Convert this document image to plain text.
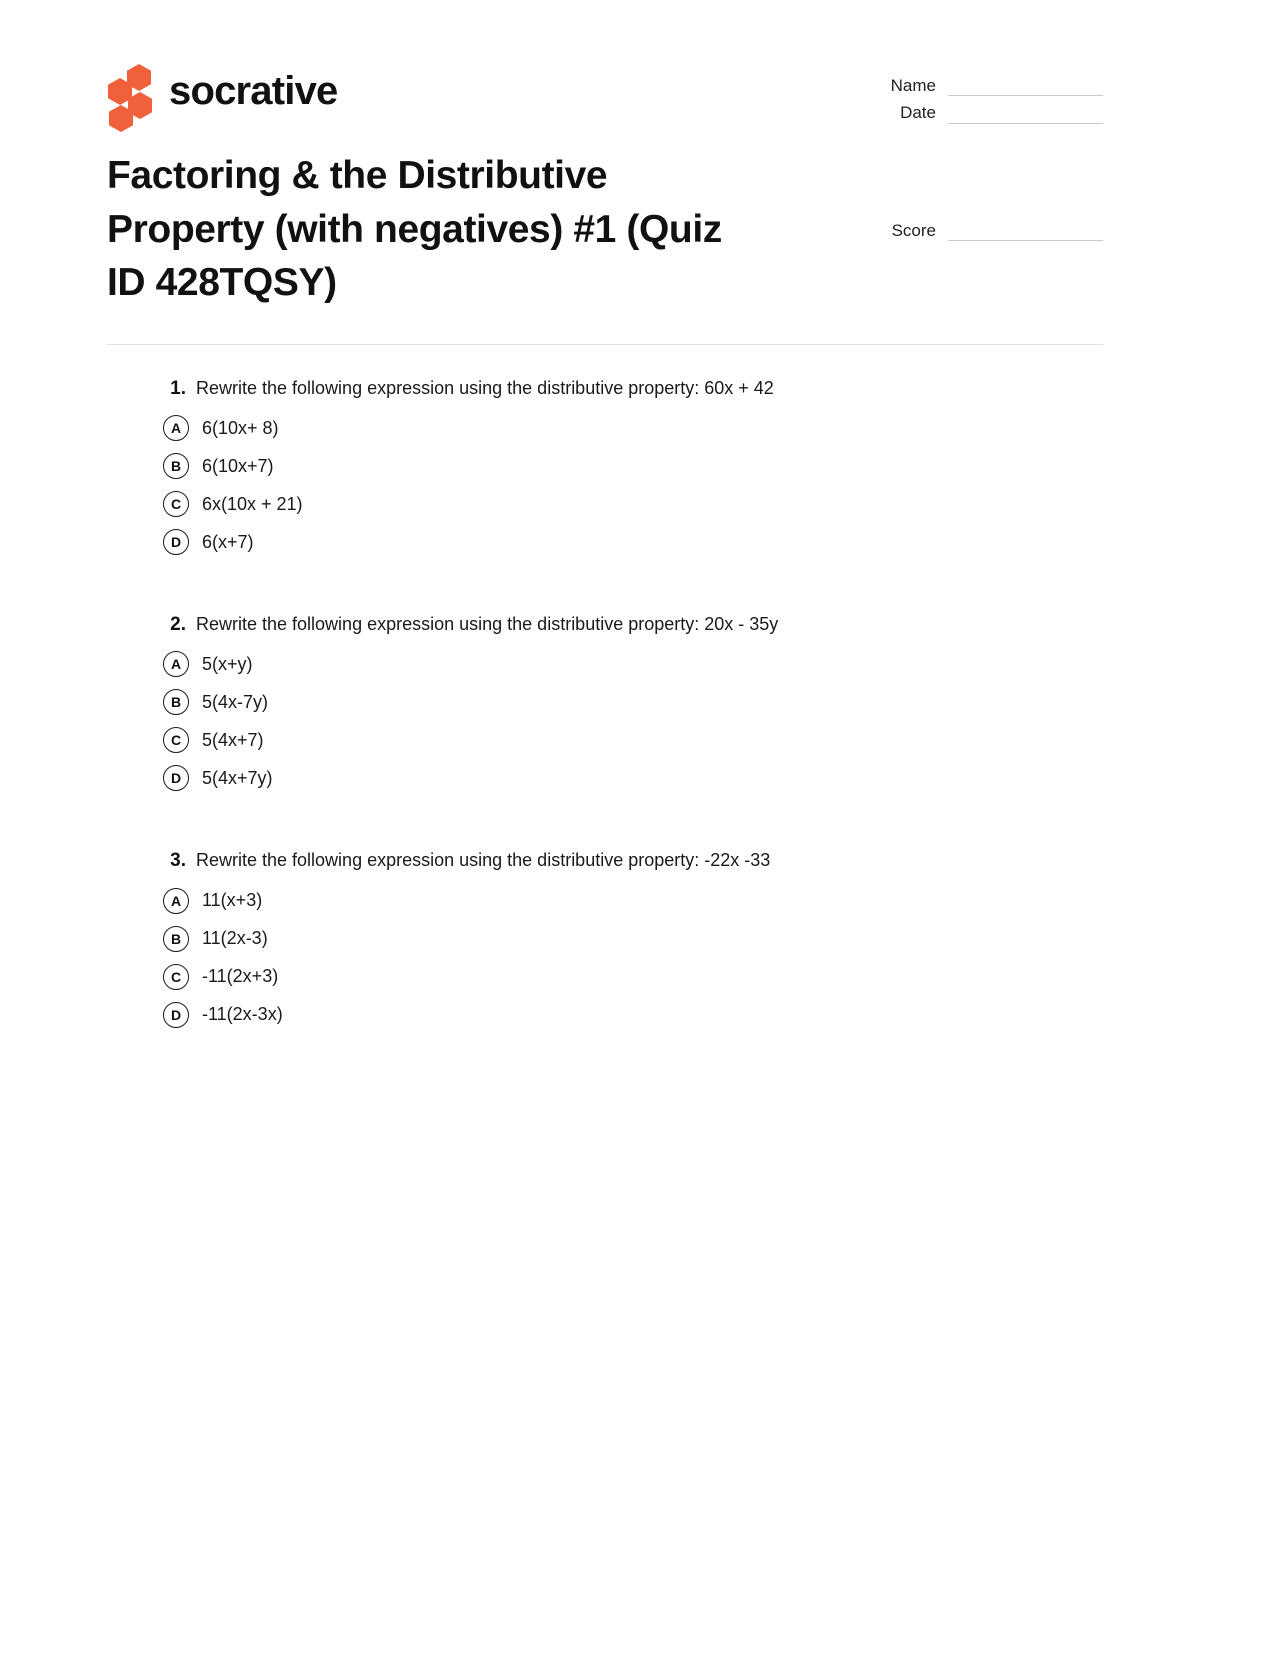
socrative	Name
Date
Factoring & the Distributive Property (with negatives) #1 (Quiz ID 428TQSY)
Score
1. Rewrite the following expression using the distributive property: 60x + 42
A	6(10x+ 8)
B	6(10x+7)
C	6x(10x + 21)
D	6(x+7)
2. Rewrite the following expression using the distributive property: 20x - 35y
A	5(x+y)
B	5(4x-7y)
C	5(4x+7)
D	5(4x+7y)
3. Rewrite the following expression using the distributive property: -22x -33
A	11(x+3)
B	11(2x-3)
C	-11(2x+3)
D	-11(2x-3x)
